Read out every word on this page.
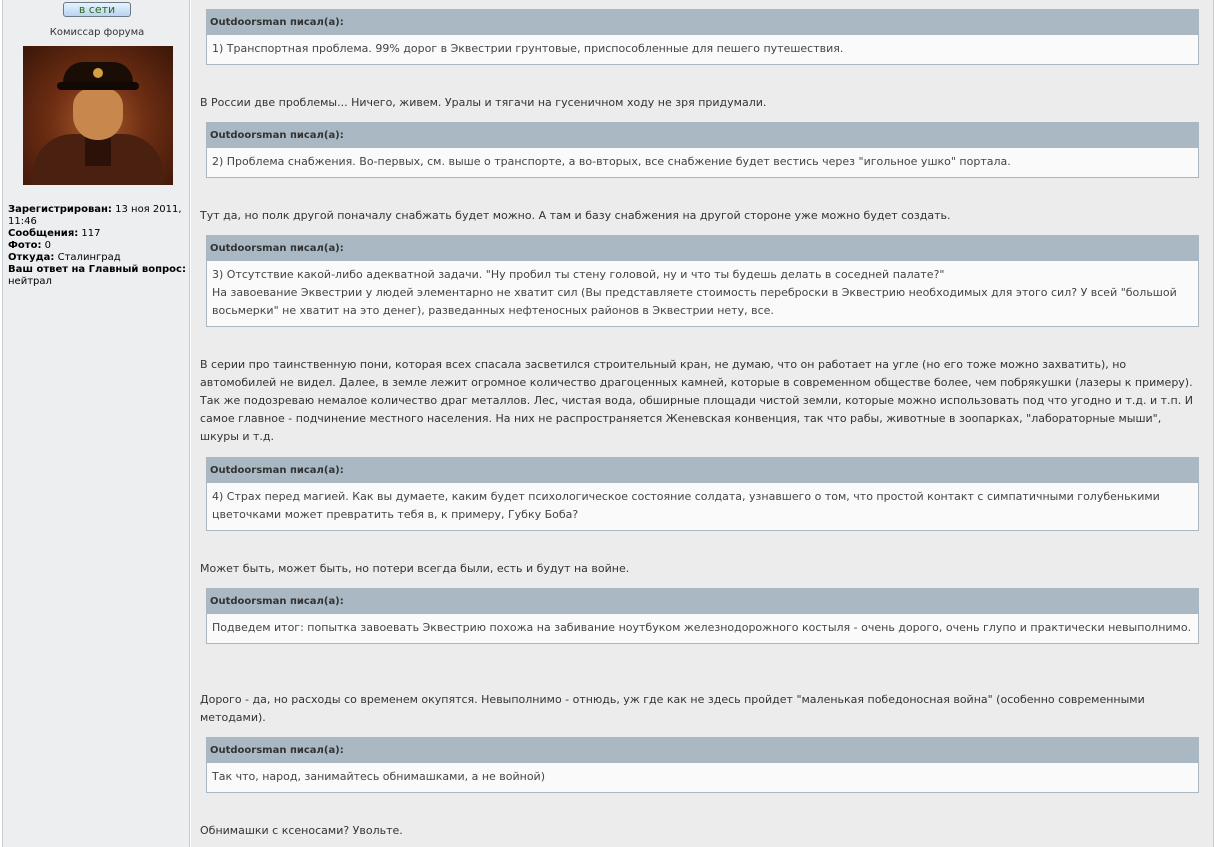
в сети
Комиссар форума
Зарегистрирован: 13 ноя 2011, 11:46
Сообщения: 117
Фото: 0
Откуда: Сталинград
Ваш ответ на Главный вопрос:
нейтрал
Outdoorsman писал(а):
1) Транспортная проблема. 99% дорог в Эквестрии грунтовые, приспособленные для пешего путешествия.
В России две проблемы... Ничего, живем. Уралы и тягачи на гусеничном ходу не зря придумали.
Outdoorsman писал(а):
2) Проблема снабжения. Во-первых, см. выше о транспорте, а во-вторых, все снабжение будет вестись через "игольное ушко" портала.
Тут да, но полк другой поначалу снабжать будет можно. А там и базу снабжения на другой стороне уже можно будет создать.
Outdoorsman писал(а):
3) Отсутствие какой-либо адекватной задачи. "Ну пробил ты стену головой, ну и что ты будешь делать в соседней палате?"
На завоевание Эквестрии у людей элементарно не хватит сил (Вы представляете стоимость переброски в Эквестрию необходимых для этого сил? У всей "большой восьмерки" не хватит на это денег), разведанных нефтеносных районов в Эквестрии нету, все.
В серии про таинственную пони, которая всех спасала засветился строительный кран, не думаю, что он работает на угле (но его тоже можно захватить), но автомобилей не видел. Далее, в земле лежит огромное количество драгоценных камней, которые в современном обществе более, чем побрякушки (лазеры к примеру). Так же подозреваю немалое количество драг металлов. Лес, чистая вода, обширные площади чистой земли, которые можно использовать под что угодно и т.д. и т.п. И самое главное - подчинение местного населения. На них не распространяется Женевская конвенция, так что рабы, животные в зоопарках, "лабораторные мыши", шкуры и т.д.
Outdoorsman писал(а):
4) Страх перед магией. Как вы думаете, каким будет психологическое состояние солдата, узнавшего о том, что простой контакт с симпатичными голубенькими цветочками может превратить тебя в, к примеру, Губку Боба?
Может быть, может быть, но потери всегда были, есть и будут на войне.
Outdoorsman писал(а):
Подведем итог: попытка завоевать Эквестрию похожа на забивание ноутбуком железнодорожного костыля - очень дорого, очень глупо и практически невыполнимо.
Дорого - да, но расходы со временем окупятся. Невыполнимо - отнюдь, уж где как не здесь пройдет "маленькая победоносная война" (особенно современными методами).
Outdoorsman писал(а):
Так что, народ, занимайтесь обнимашками, а не войной)
Обнимашки с ксеносами? Увольте.
